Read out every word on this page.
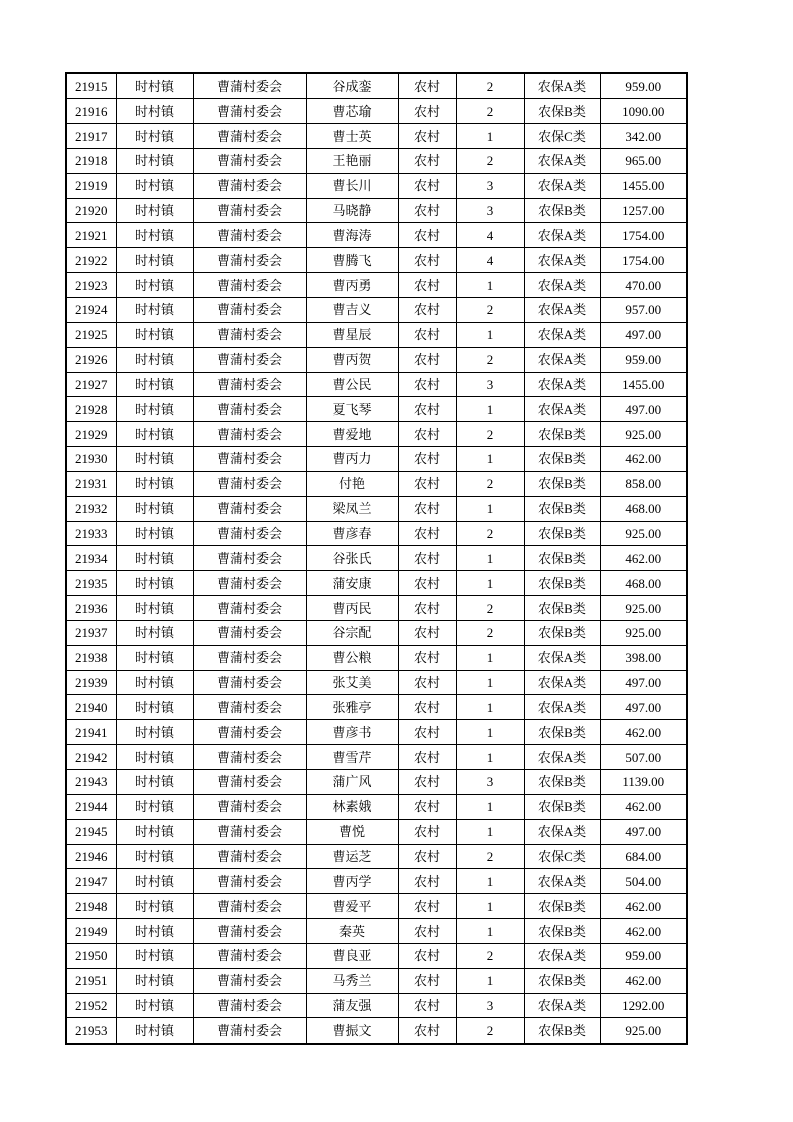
21915	时村镇	曹蒲村委会	谷成銮	农村	2	农保A类	959.00
21916	时村镇	曹蒲村委会	曹芯瑜	农村	2	农保B类	1090.00
21917	时村镇	曹蒲村委会	曹士英	农村	1	农保C类	342.00
21918	时村镇	曹蒲村委会	王艳丽	农村	2	农保A类	965.00
21919	时村镇	曹蒲村委会	曹长川	农村	3	农保A类	1455.00
21920	时村镇	曹蒲村委会	马晓静	农村	3	农保B类	1257.00
21921	时村镇	曹蒲村委会	曹海涛	农村	4	农保A类	1754.00
21922	时村镇	曹蒲村委会	曹腾飞	农村	4	农保A类	1754.00
21923	时村镇	曹蒲村委会	曹丙勇	农村	1	农保A类	470.00
21924	时村镇	曹蒲村委会	曹吉义	农村	2	农保A类	957.00
21925	时村镇	曹蒲村委会	曹星辰	农村	1	农保A类	497.00
21926	时村镇	曹蒲村委会	曹丙贺	农村	2	农保A类	959.00
21927	时村镇	曹蒲村委会	曹公民	农村	3	农保A类	1455.00
21928	时村镇	曹蒲村委会	夏飞琴	农村	1	农保A类	497.00
21929	时村镇	曹蒲村委会	曹爱地	农村	2	农保B类	925.00
21930	时村镇	曹蒲村委会	曹丙力	农村	1	农保B类	462.00
21931	时村镇	曹蒲村委会	付艳	农村	2	农保B类	858.00
21932	时村镇	曹蒲村委会	梁凤兰	农村	1	农保B类	468.00
21933	时村镇	曹蒲村委会	曹彦春	农村	2	农保B类	925.00
21934	时村镇	曹蒲村委会	谷张氏	农村	1	农保B类	462.00
21935	时村镇	曹蒲村委会	蒲安康	农村	1	农保B类	468.00
21936	时村镇	曹蒲村委会	曹丙民	农村	2	农保B类	925.00
21937	时村镇	曹蒲村委会	谷宗配	农村	2	农保B类	925.00
21938	时村镇	曹蒲村委会	曹公粮	农村	1	农保A类	398.00
21939	时村镇	曹蒲村委会	张艾美	农村	1	农保A类	497.00
21940	时村镇	曹蒲村委会	张雅亭	农村	1	农保A类	497.00
21941	时村镇	曹蒲村委会	曹彦书	农村	1	农保B类	462.00
21942	时村镇	曹蒲村委会	曹雪芹	农村	1	农保A类	507.00
21943	时村镇	曹蒲村委会	蒲广风	农村	3	农保B类	1139.00
21944	时村镇	曹蒲村委会	林素娥	农村	1	农保B类	462.00
21945	时村镇	曹蒲村委会	曹悦	农村	1	农保A类	497.00
21946	时村镇	曹蒲村委会	曹运芝	农村	2	农保C类	684.00
21947	时村镇	曹蒲村委会	曹丙学	农村	1	农保A类	504.00
21948	时村镇	曹蒲村委会	曹爱平	农村	1	农保B类	462.00
21949	时村镇	曹蒲村委会	秦英	农村	1	农保B类	462.00
21950	时村镇	曹蒲村委会	曹良亚	农村	2	农保A类	959.00
21951	时村镇	曹蒲村委会	马秀兰	农村	1	农保B类	462.00
21952	时村镇	曹蒲村委会	蒲友强	农村	3	农保A类	1292.00
21953	时村镇	曹蒲村委会	曹振文	农村	2	农保B类	925.00
